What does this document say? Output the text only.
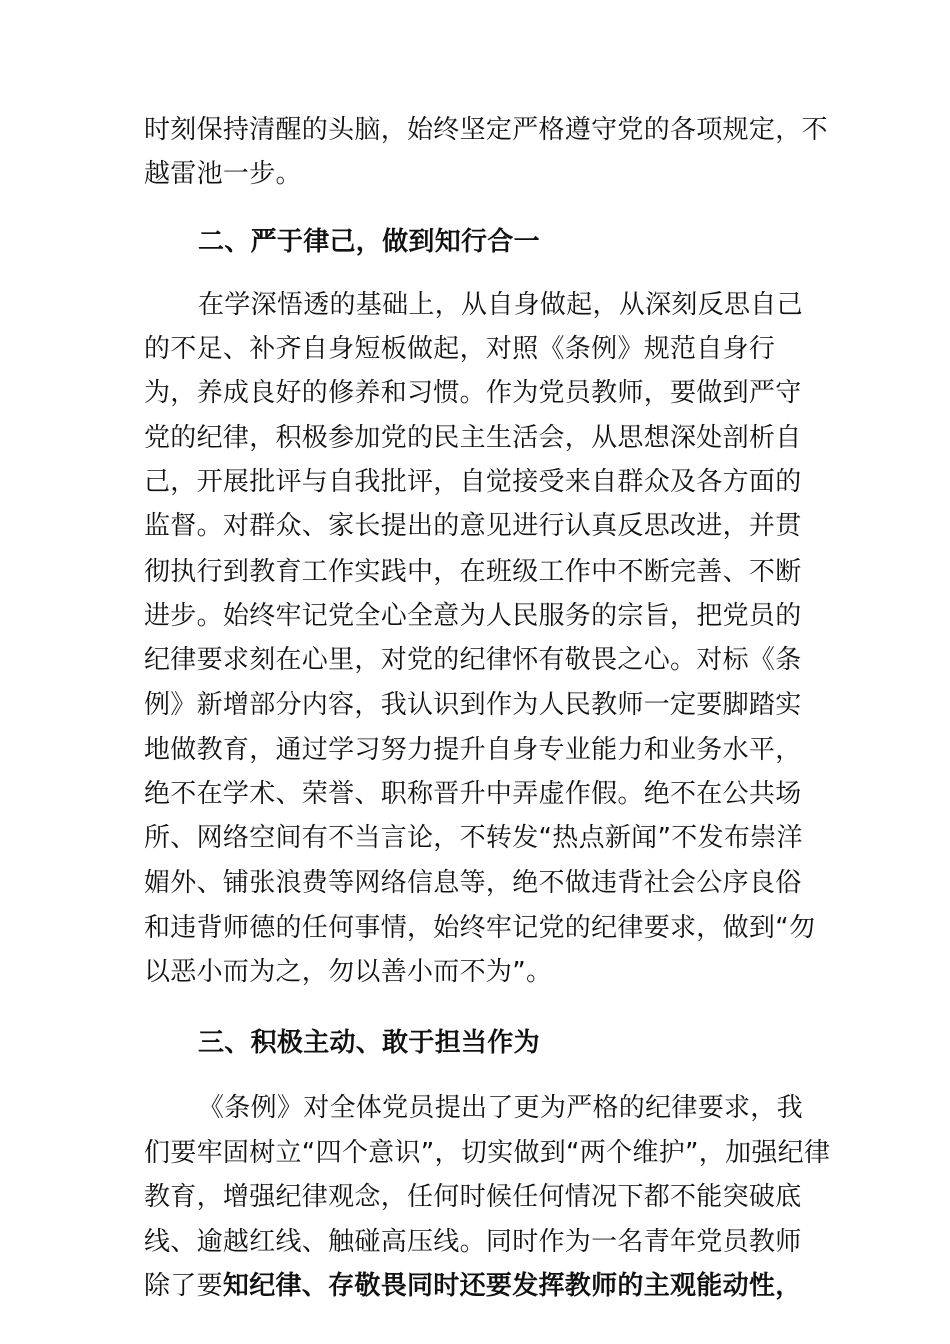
时刻保持清醒的头脑，始终坚定严格遵守党的各项规定，不
越雷池一步。
二、严于律己，做到知行合一
在学深悟透的基础上，从自身做起，从深刻反思自己
的不足、补齐自身短板做起，对照《条例》规范自身行
为，养成良好的修养和习惯。作为党员教师，要做到严守
党的纪律，积极参加党的民主生活会，从思想深处剖析自
己，开展批评与自我批评，自觉接受来自群众及各方面的
监督。对群众、家长提出的意见进行认真反思改进，并贯
彻执行到教育工作实践中，在班级工作中不断完善、不断
进步。始终牢记党全心全意为人民服务的宗旨，把党员的
纪律要求刻在心里，对党的纪律怀有敬畏之心。对标《条
例》新增部分内容，我认识到作为人民教师一定要脚踏实
地做教育，通过学习努力提升自身专业能力和业务水平，
绝不在学术、荣誉、职称晋升中弄虚作假。绝不在公共场
所、网络空间有不当言论，不转发“热点新闻”不发布崇洋
媚外、铺张浪费等网络信息等，绝不做违背社会公序良俗
和违背师德的任何事情，始终牢记党的纪律要求，做到“勿
以恶小而为之，勿以善小而不为”。
三、积极主动、敢于担当作为
《条例》对全体党员提出了更为严格的纪律要求，我
们要牢固树立“四个意识”，切实做到“两个维护”，加强纪律
教育，增强纪律观念，任何时候任何情况下都不能突破底
线、逾越红线、触碰高压线。同时作为一名青年党员教师
除了要知纪律、存敬畏同时还要发挥教师的主观能动性，
